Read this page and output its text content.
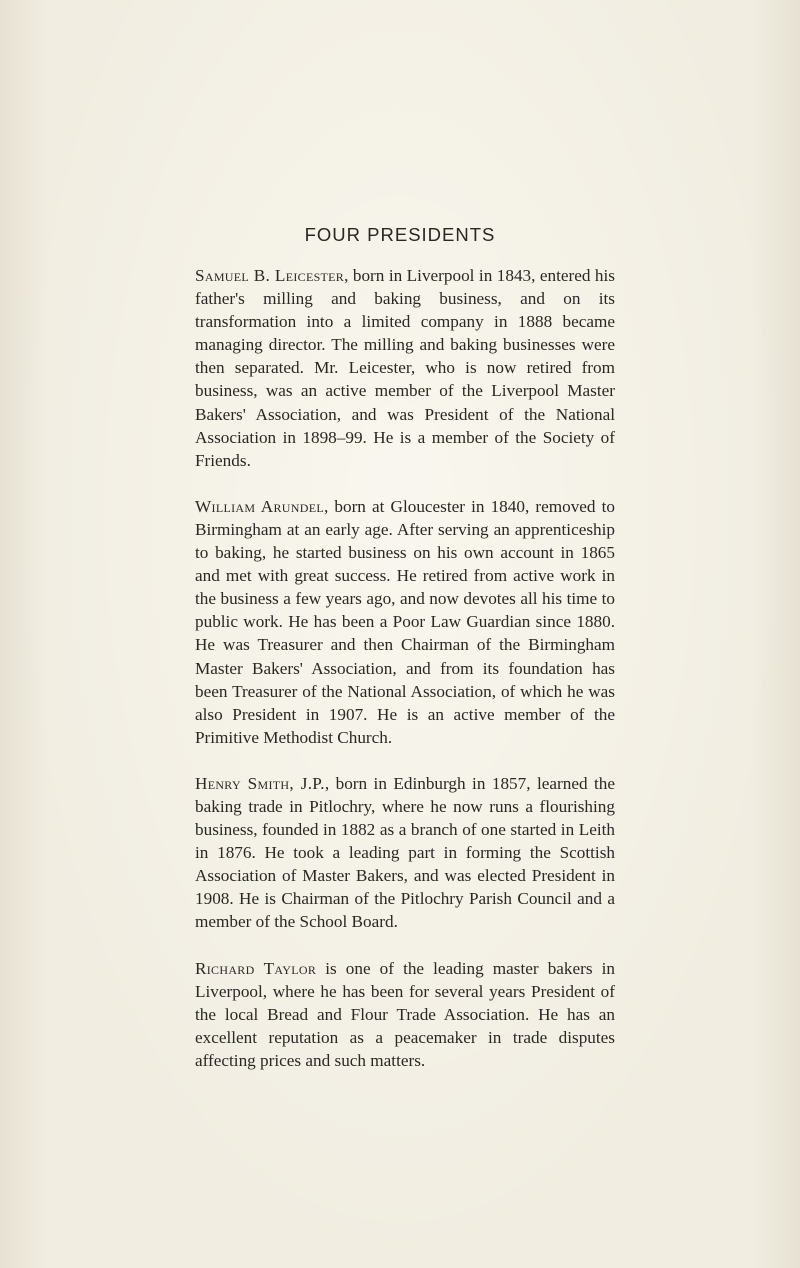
FOUR PRESIDENTS

Samuel B. Leicester, born in Liverpool in 1843, entered his father's milling and baking business, and on its transformation into a limited company in 1888 became managing director. The milling and baking businesses were then separated. Mr. Leicester, who is now retired from business, was an active member of the Liverpool Master Bakers' Association, and was President of the National Association in 1898–99. He is a member of the Society of Friends.

William Arundel, born at Gloucester in 1840, removed to Birmingham at an early age. After serving an apprenticeship to baking, he started business on his own account in 1865 and met with great success. He retired from active work in the business a few years ago, and now devotes all his time to public work. He has been a Poor Law Guardian since 1880. He was Treasurer and then Chairman of the Birmingham Master Bakers' Association, and from its foundation has been Treasurer of the National Association, of which he was also President in 1907. He is an active member of the Primitive Methodist Church.

Henry Smith, J.P., born in Edinburgh in 1857, learned the baking trade in Pitlochry, where he now runs a flourishing business, founded in 1882 as a branch of one started in Leith in 1876. He took a leading part in forming the Scottish Association of Master Bakers, and was elected President in 1908. He is Chairman of the Pitlochry Parish Council and a member of the School Board.

Richard Taylor is one of the leading master bakers in Liverpool, where he has been for several years President of the local Bread and Flour Trade Association. He has an excellent reputation as a peacemaker in trade disputes affecting prices and such matters.
